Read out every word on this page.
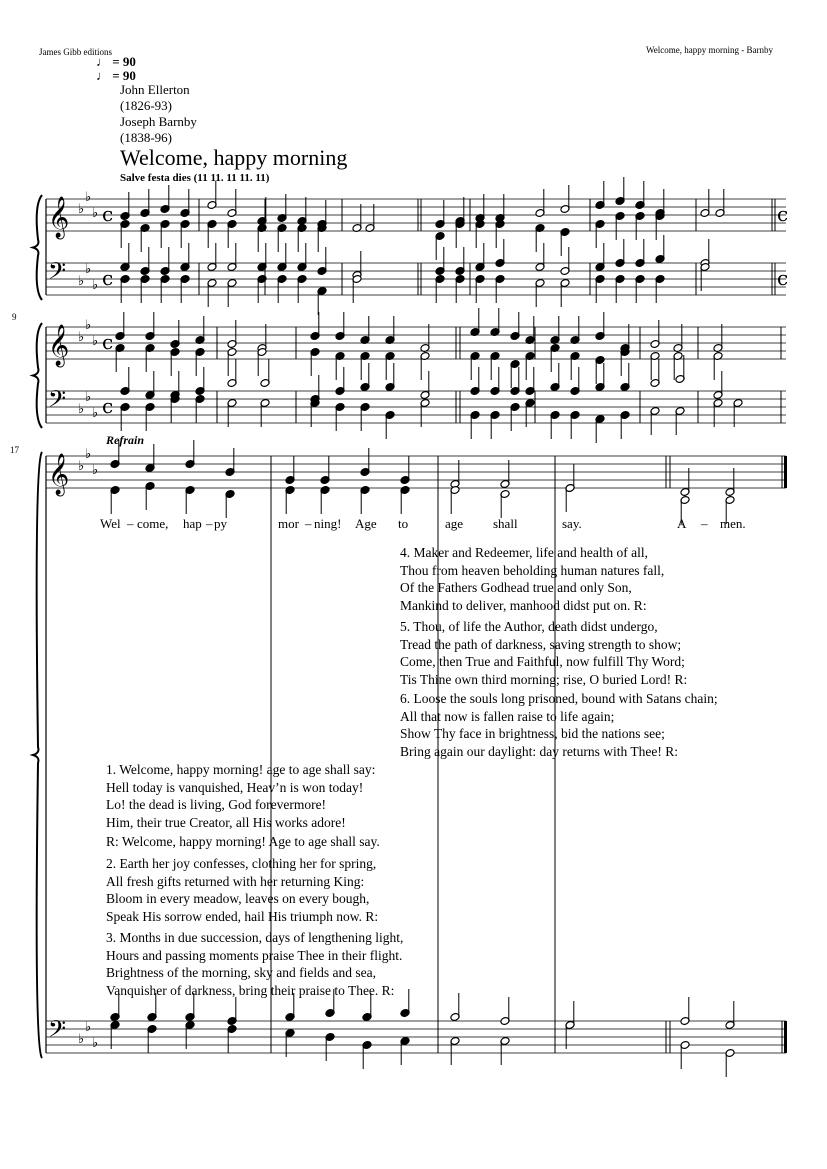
James Gibb editions	Welcome, happy morning - Barnby
♩ = 90
♩ = 90
John Ellerton
(1826-93)
Joseph Barnby
(1838-96)
Welcome, happy morning
Salve festa dies (11 11. 11 11. 11)
9
17
Refrain
𝄞
𝄢
♭
♭
♭
♭
♭
♭
c
c
c
c
𝄞
𝄢
♭
♭
♭
♭
♭
♭
c
c
𝄞 ♭
♭
♭
𝄢 ♭
♭
♭
Wel – come, hap – py	mor – ning! Age to	age shall	say.	A – men.
4. Maker and Redeemer, life and health of all,
Thou from heaven beholding human natures fall,
Of the Fathers Godhead true and only Son,
Mankind to deliver, manhood didst put on. R:
5. Thou, of life the Author, death didst undergo,
Tread the path of darkness, saving strength to show;
Come, then True and Faithful, now fulfill Thy Word;
Tis Thine own third morning; rise, O buried Lord! R:
6. Loose the souls long prisoned, bound with Satans chain;
All that now is fallen raise to life again;
Show Thy face in brightness, bid the nations see;
Bring again our daylight: day returns with Thee! R:
1. Welcome, happy morning! age to age shall say:
Hell today is vanquished, Heav’n is won today!
Lo! the dead is living, God forevermore!
Him, their true Creator, all His works adore!
R: Welcome, happy morning! Age to age shall say.
2. Earth her joy confesses, clothing her for spring,
All fresh gifts returned with her returning King:
Bloom in every meadow, leaves on every bough,
Speak His sorrow ended, hail His triumph now. R:
3. Months in due succession, days of lengthening light,
Hours and passing moments praise Thee in their flight.
Brightness of the morning, sky and fields and sea,
Vanquisher of darkness, bring their praise to Thee. R:
